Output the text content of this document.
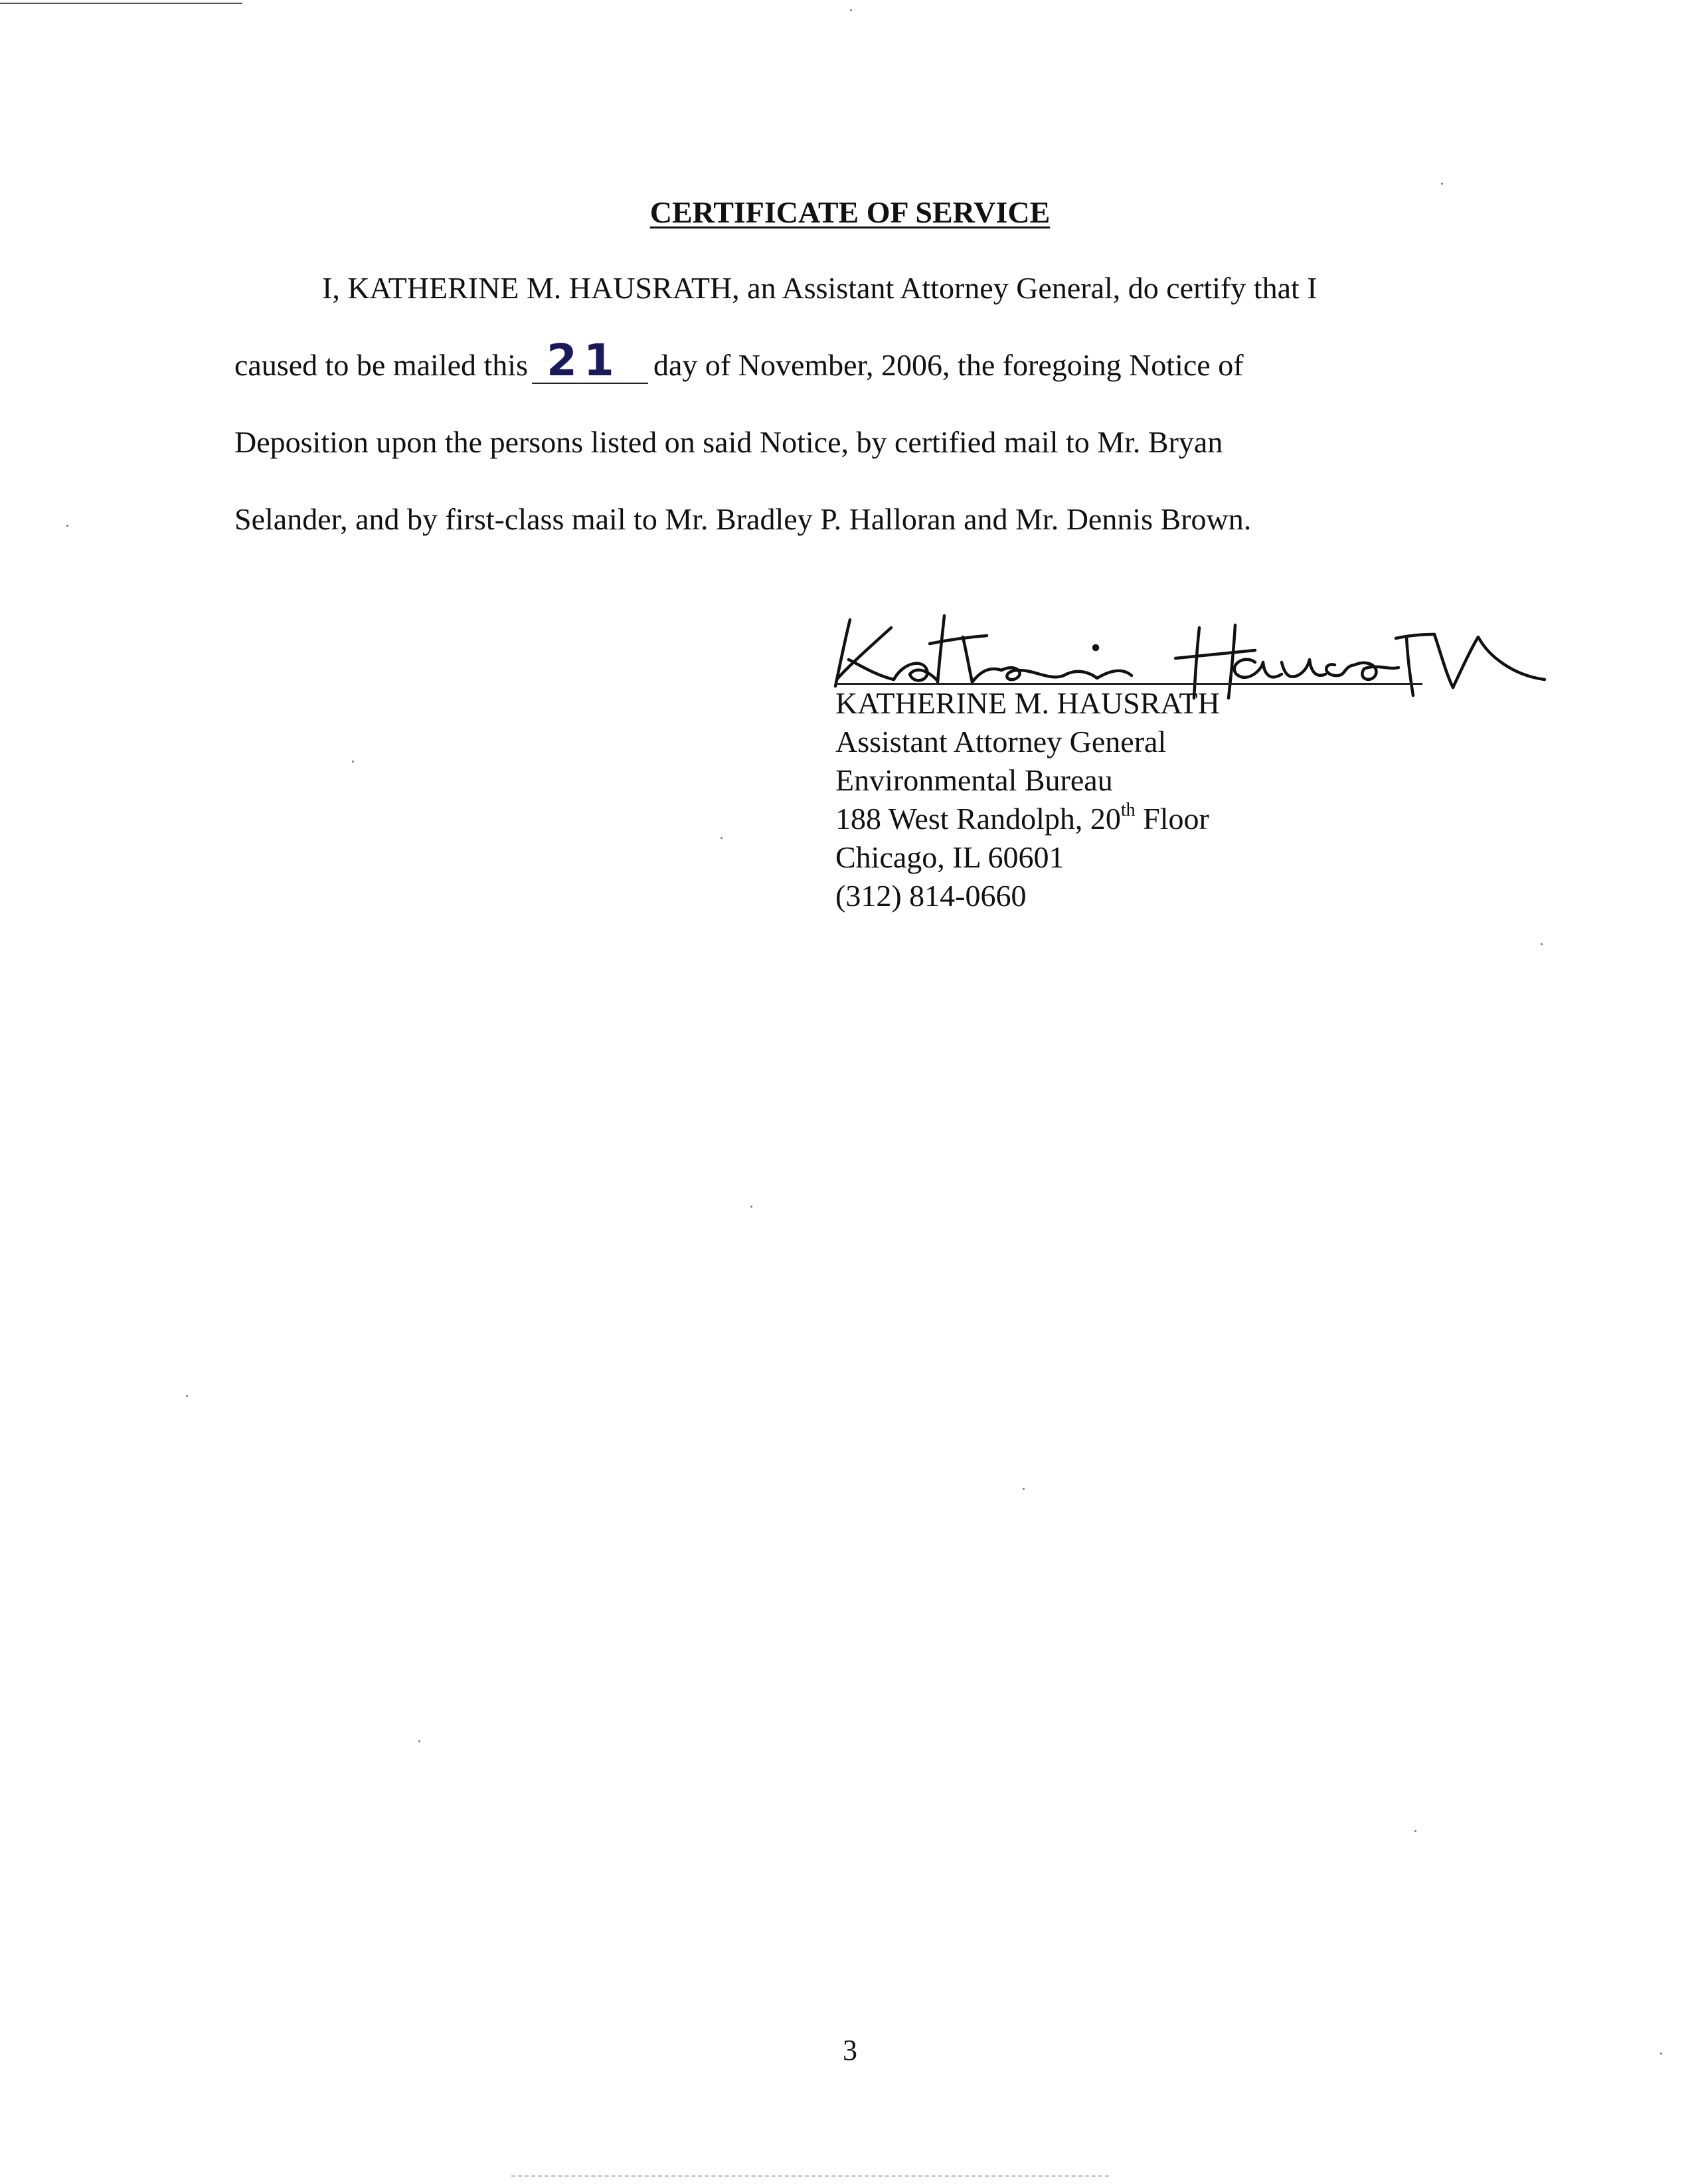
CERTIFICATE OF SERVICE
I, KATHERINE M. HAUSRATH, an Assistant Attorney General, do certify that I
caused to be mailed this 21 day of November, 2006, the foregoing Notice of
Deposition upon the persons listed on said Notice, by certified mail to Mr. Bryan
Selander, and by first-class mail to Mr. Bradley P. Halloran and Mr. Dennis Brown.
KATHERINE M. HAUSRATH
Assistant Attorney General
Environmental Bureau
188 West Randolph, 20th Floor
Chicago, IL 60601
(312) 814-0660
3
